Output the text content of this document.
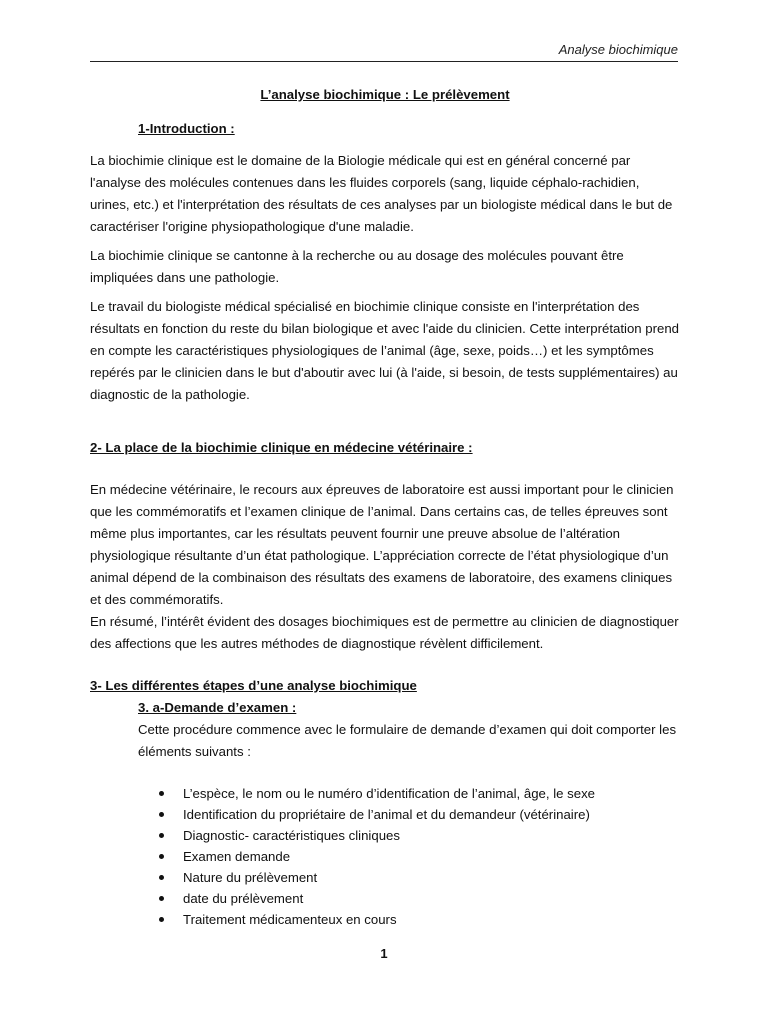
Analyse biochimique
L’analyse biochimique : Le prélèvement
1-Introduction :

La biochimie clinique est le domaine de la Biologie médicale qui est en général concerné par l'analyse des molécules contenues dans les fluides corporels (sang, liquide céphalo-rachidien, urines, etc.) et l'interprétation des résultats de ces analyses par un biologiste médical dans le but de caractériser l'origine physiopathologique d'une maladie.

La biochimie clinique se cantonne à la recherche ou au dosage des molécules pouvant être impliquées dans une pathologie.

Le travail du biologiste médical spécialisé en biochimie clinique consiste en l'interprétation des résultats en fonction du reste du bilan biologique et avec l'aide du clinicien. Cette interprétation prend en compte les caractéristiques physiologiques de l’animal (âge, sexe, poids…) et les symptômes repérés par le clinicien dans le but d'aboutir avec lui (à l'aide, si besoin, de tests supplémentaires) au diagnostic de la pathologie.

2- La place de la biochimie clinique en médecine vétérinaire :

En médecine vétérinaire, le recours aux épreuves de laboratoire est aussi important pour le clinicien que les commémoratifs et l’examen clinique de l’animal. Dans certains cas, de telles épreuves sont même plus importantes, car les résultats peuvent fournir une preuve absolue de l’altération physiologique résultante d’un état pathologique. L’appréciation correcte de l’état physiologique d’un animal dépend de la combinaison des résultats des examens de laboratoire, des examens cliniques et des commémoratifs.

En résumé, l’intérêt évident des dosages biochimiques est de permettre au clinicien de diagnostiquer des affections que les autres méthodes de diagnostique révèlent difficilement.

3- Les différentes étapes d’une analyse biochimique
3. a-Demande d’examen :

Cette procédure commence avec le formulaire de demande d’examen qui doit comporter les éléments suivants :

L’espèce, le nom ou le numéro d’identification de l’animal, âge, le sexe
Identification du propriétaire de l’animal et du demandeur (vétérinaire)
Diagnostic- caractéristiques cliniques
Examen demande
Nature du prélèvement
date du prélèvement
Traitement médicamenteux en cours
1
